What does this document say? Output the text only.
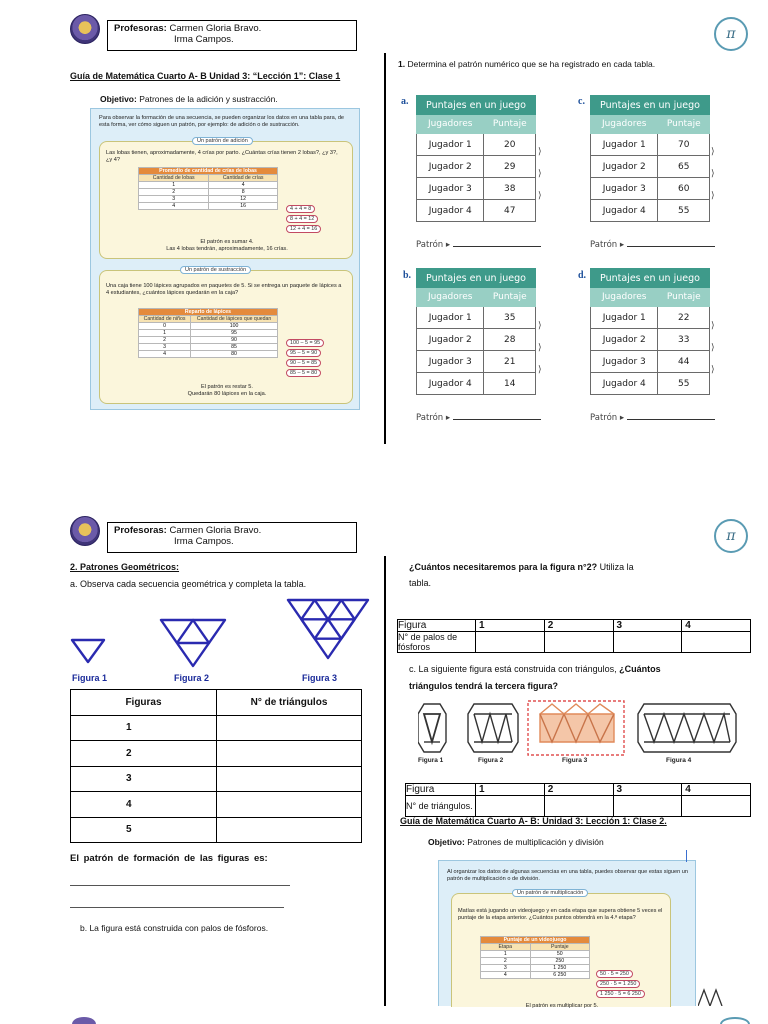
Profesoras: Carmen Gloria Bravo.
Irma Campos.	π
Guía de Matemática Cuarto A- B Unidad 3: “Lección 1”: Clase 1
Objetivo: Patrones de la adición y sustracción.
Para observar la formación de una secuencia, se pueden organizar los datos en una tabla para, de esta forma, ver cómo siguen un patrón, por ejemplo: de adición o de sustracción.
Un patrón de adición
Las lobas tienen, aproximadamente, 4 crías por parto. ¿Cuántas crías tienen 2 lobas?, ¿y 3?, ¿y 4?
Promedio de cantidad de crías de lobas	
Cantidad de lobas	Cantidad de crías
1	4
2	8
3	12
4	16	4 + 4 = 8
8 + 4 = 12
12 + 4 = 16
El patrón es sumar 4.
Las 4 lobas tendrán, aproximadamente, 16 crías.
Un patrón de sustracción
Una caja tiene 100 lápices agrupados en paquetes de 5. Si se entrega un paquete de lápices a 4 estudiantes, ¿cuántos lápices quedarán en la caja?
Reparto de lápices	
Cantidad de niños	Cantidad de lápices que quedan
0	100
1	95
2	90
3	85
4	80
100 – 5 = 95
95 – 5 = 90
90 – 5 = 85
85 – 5 = 80
El patrón es restar 5.
Quedarán 80 lápices en la caja.
1. Determina el patrón numérico que se ha registrado en cada tabla.
a. Puntajes en un juego	
Jugadores	Puntaje
Jugador 1	20
Jugador 2	29
Jugador 3	38
Jugador 4	47
Patrón ▸
c. Puntajes en un juego	
Jugadores	Puntaje
Jugador 1	70
Jugador 2	65
Jugador 3	60
Jugador 4	55
Patrón ▸
b. Puntajes en un juego	
Jugadores	Puntaje
Jugador 1	35
Jugador 2	28
Jugador 3	21
Jugador 4	14
Patrón ▸
d. Puntajes en un juego	
Jugadores	Puntaje
Jugador 1	22
Jugador 2	33
Jugador 3	44
Jugador 4	55
Patrón ▸
⟩
⟩
⟩
⟩
⟩
⟩
⟩
⟩
⟩
⟩
⟩
⟩
Profesoras: Carmen Gloria Bravo.
Irma Campos.	π
2. Patrones Geométricos:
a. Observa cada secuencia geométrica y completa la tabla.
Figura 1	Figura 2	Figura 3
Figuras	N° de triángulos
1	
2	
3	
4	
5	
El patrón de formación de las figuras es:
b. La figura está construida con palos de fósforos.
¿Cuántos necesitaremos para la figura n°2? Utiliza la
tabla.
Figura	1	2	3	4
N° de palos de fósforos				
c. La siguiente figura está construida con triángulos, ¿Cuántos
triángulos tendrá la tercera figura?
Figura 1	Figura 2	Figura 3	Figura 4
Figura	1	2	3	4
N° de triángulos.				
Guía de Matemática Cuarto A- B: Unidad 3: Lección 1: Clase 2.
Objetivo: Patrones de multiplicación y división
Al organizar los datos de algunas secuencias en una tabla, puedes observar que estas siguen un patrón de multiplicación o de división.
Un patrón de multiplicación
Matías está jugando un videojuego y en cada etapa que supera obtiene 5 veces el puntaje de la etapa anterior. ¿Cuántos puntos obtendrá en la 4.ª etapa?
Puntaje de un videojuego	
Etapa	Puntaje
1	50
2	250
3	1 250
4	6 250	50 · 5 = 250
250 · 5 = 1 250
1 250 · 5 = 6 250
El patrón es multiplicar por 5.
